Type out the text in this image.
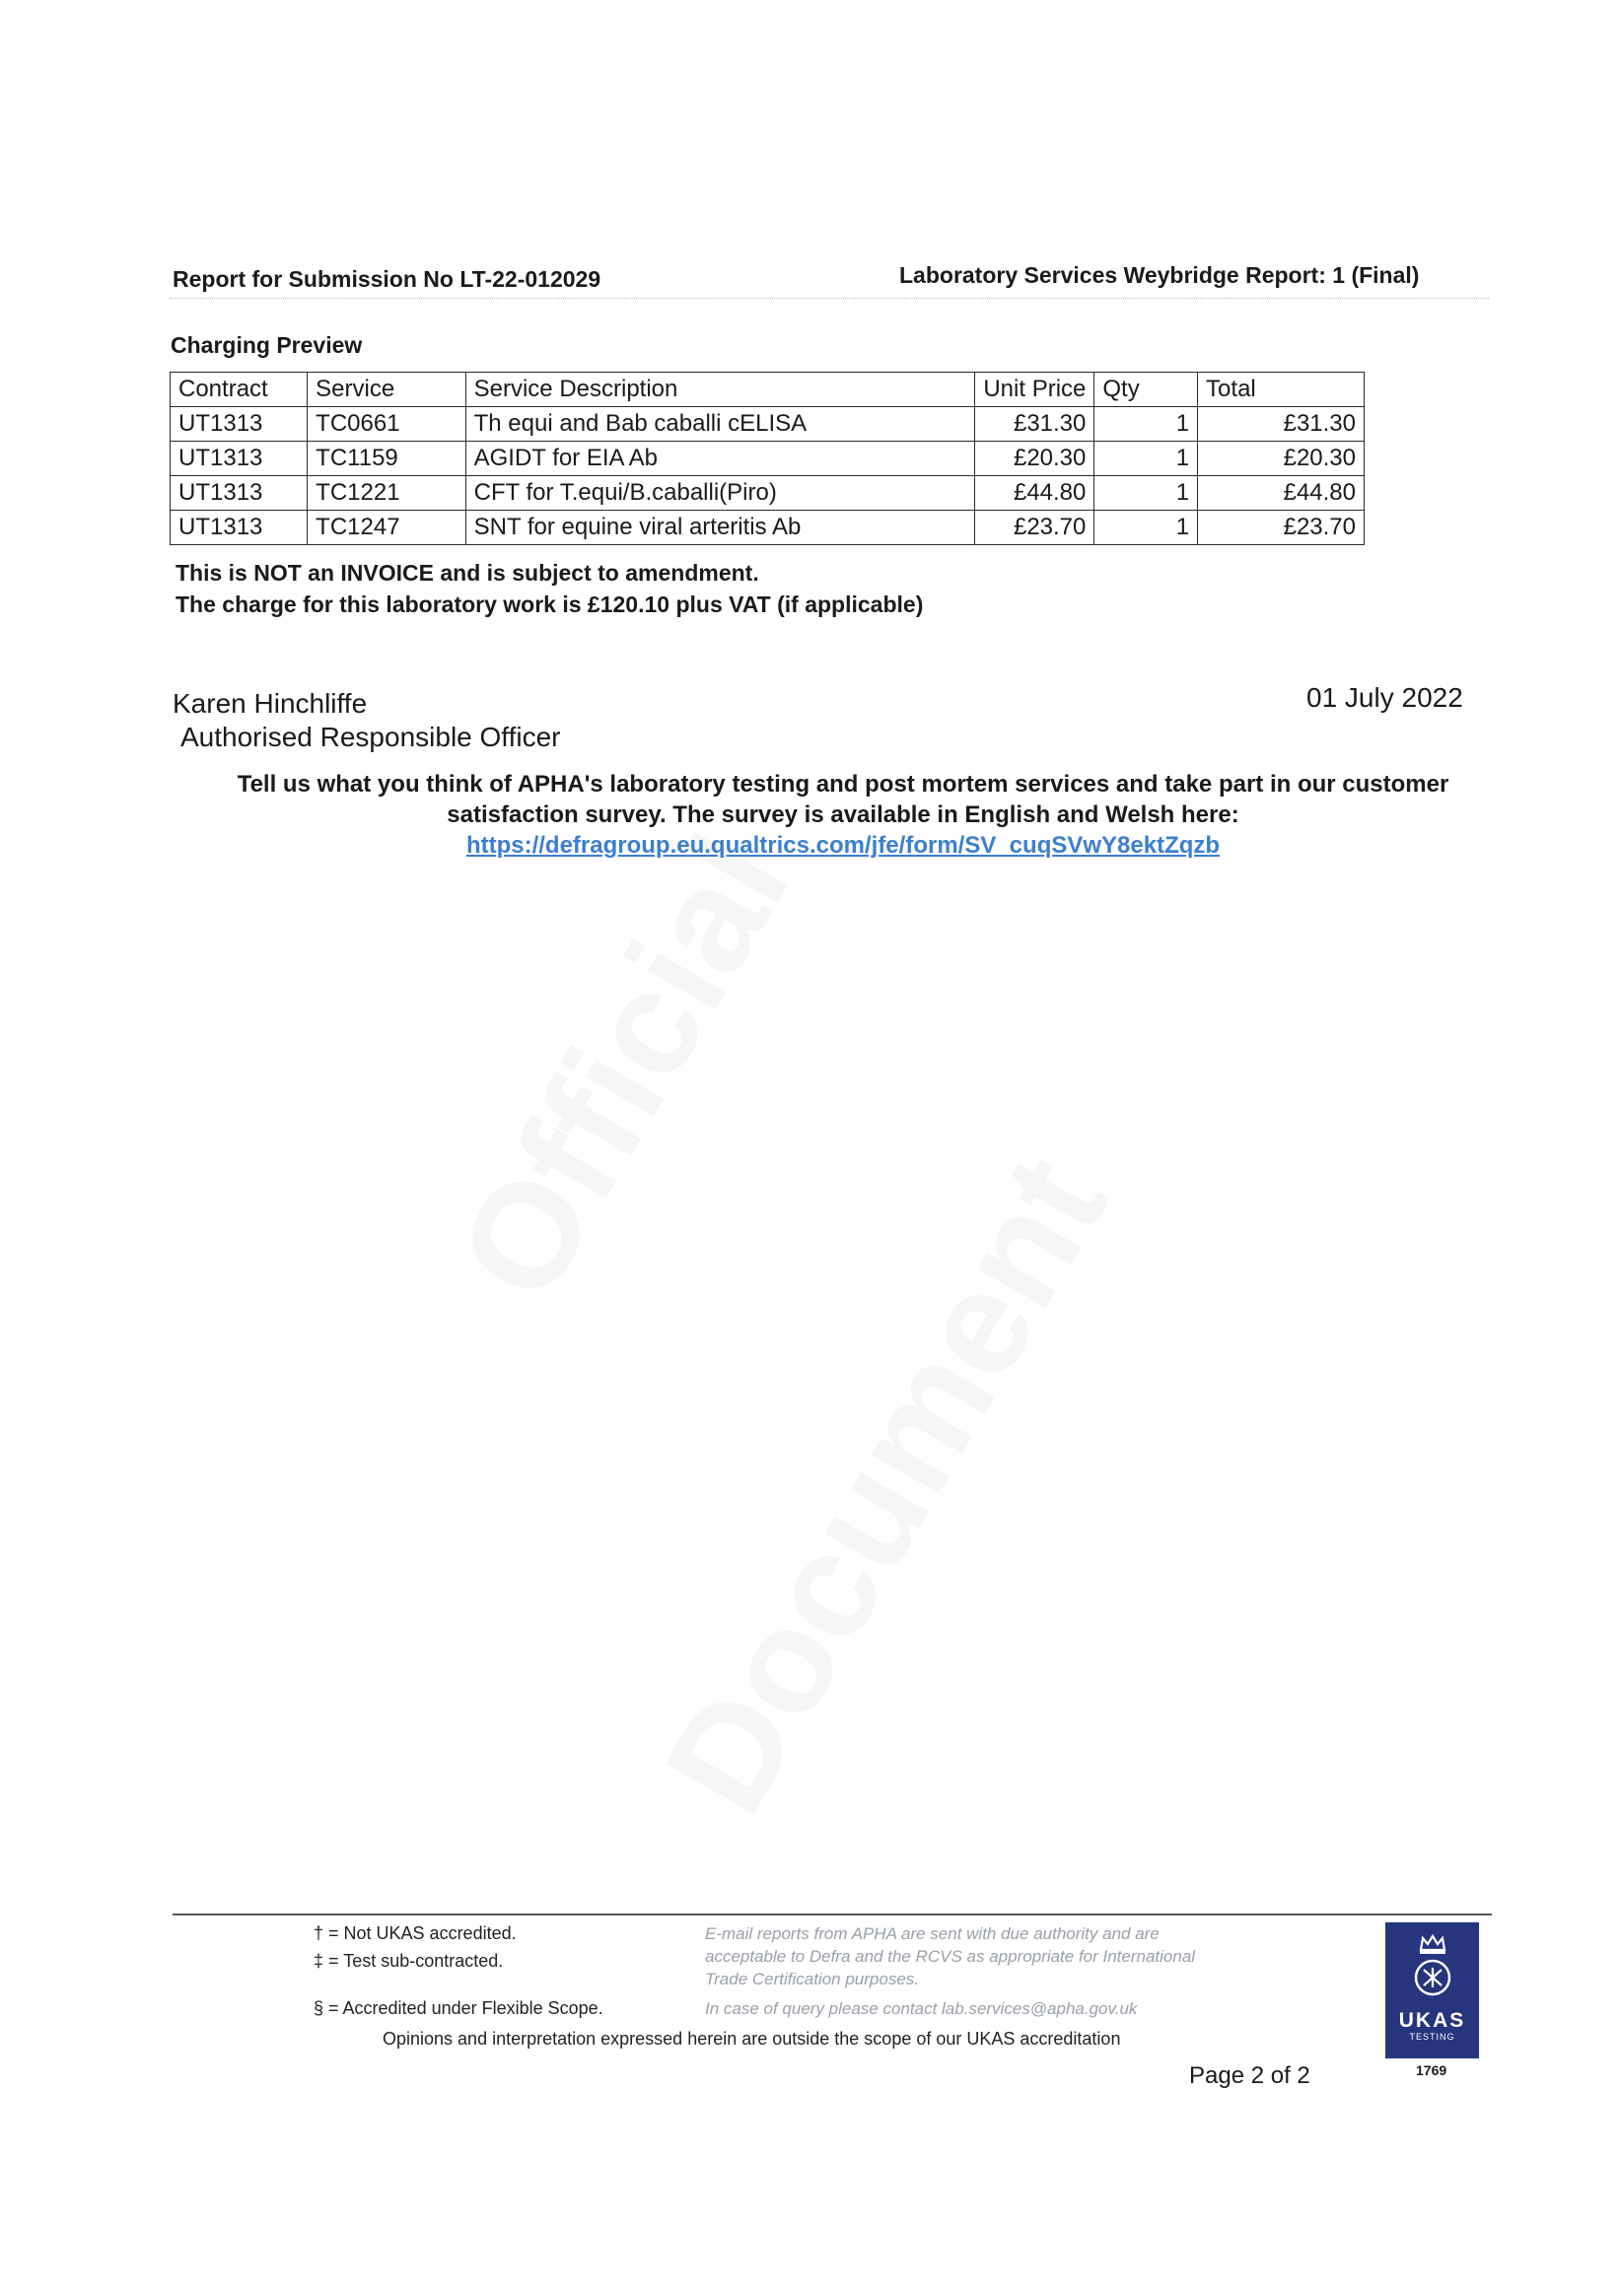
Report for Submission No LT-22-012029	Laboratory Services Weybridge Report: 1 (Final)
Charging Preview
Contract	Service	Service Description	Unit Price	Qty	Total
UT1313	TC0661	Th equi and Bab caballi cELISA	£31.30	1	£31.30
UT1313	TC1159	AGIDT for EIA Ab	£20.30	1	£20.30
UT1313	TC1221	CFT for T.equi/B.caballi(Piro)	£44.80	1	£44.80
UT1313	TC1247	SNT for equine viral arteritis Ab	£23.70	1	£23.70
This is NOT an INVOICE and is subject to amendment.
The charge for this laboratory work is £120.10 plus VAT (if applicable)
Karen Hinchliffe
Authorised Responsible Officer
01 July 2022
Tell us what you think of APHA's laboratory testing and post mortem services and take part in our customer
satisfaction survey. The survey is available in English and Welsh here:
https://defragroup.eu.qualtrics.com/jfe/form/SV_cuqSVwY8ektZqzb
† = Not UKAS accredited.
‡ = Test sub-contracted.
§ = Accredited under Flexible Scope.
E-mail reports from APHA are sent with due authority and are
acceptable to Defra and the RCVS as appropriate for International
Trade Certification purposes.
In case of query please contact lab.services@apha.gov.uk
Opinions and interpretation expressed herein are outside the scope of our UKAS accreditation
Page 2 of 2
UKAS
TESTING
1769
